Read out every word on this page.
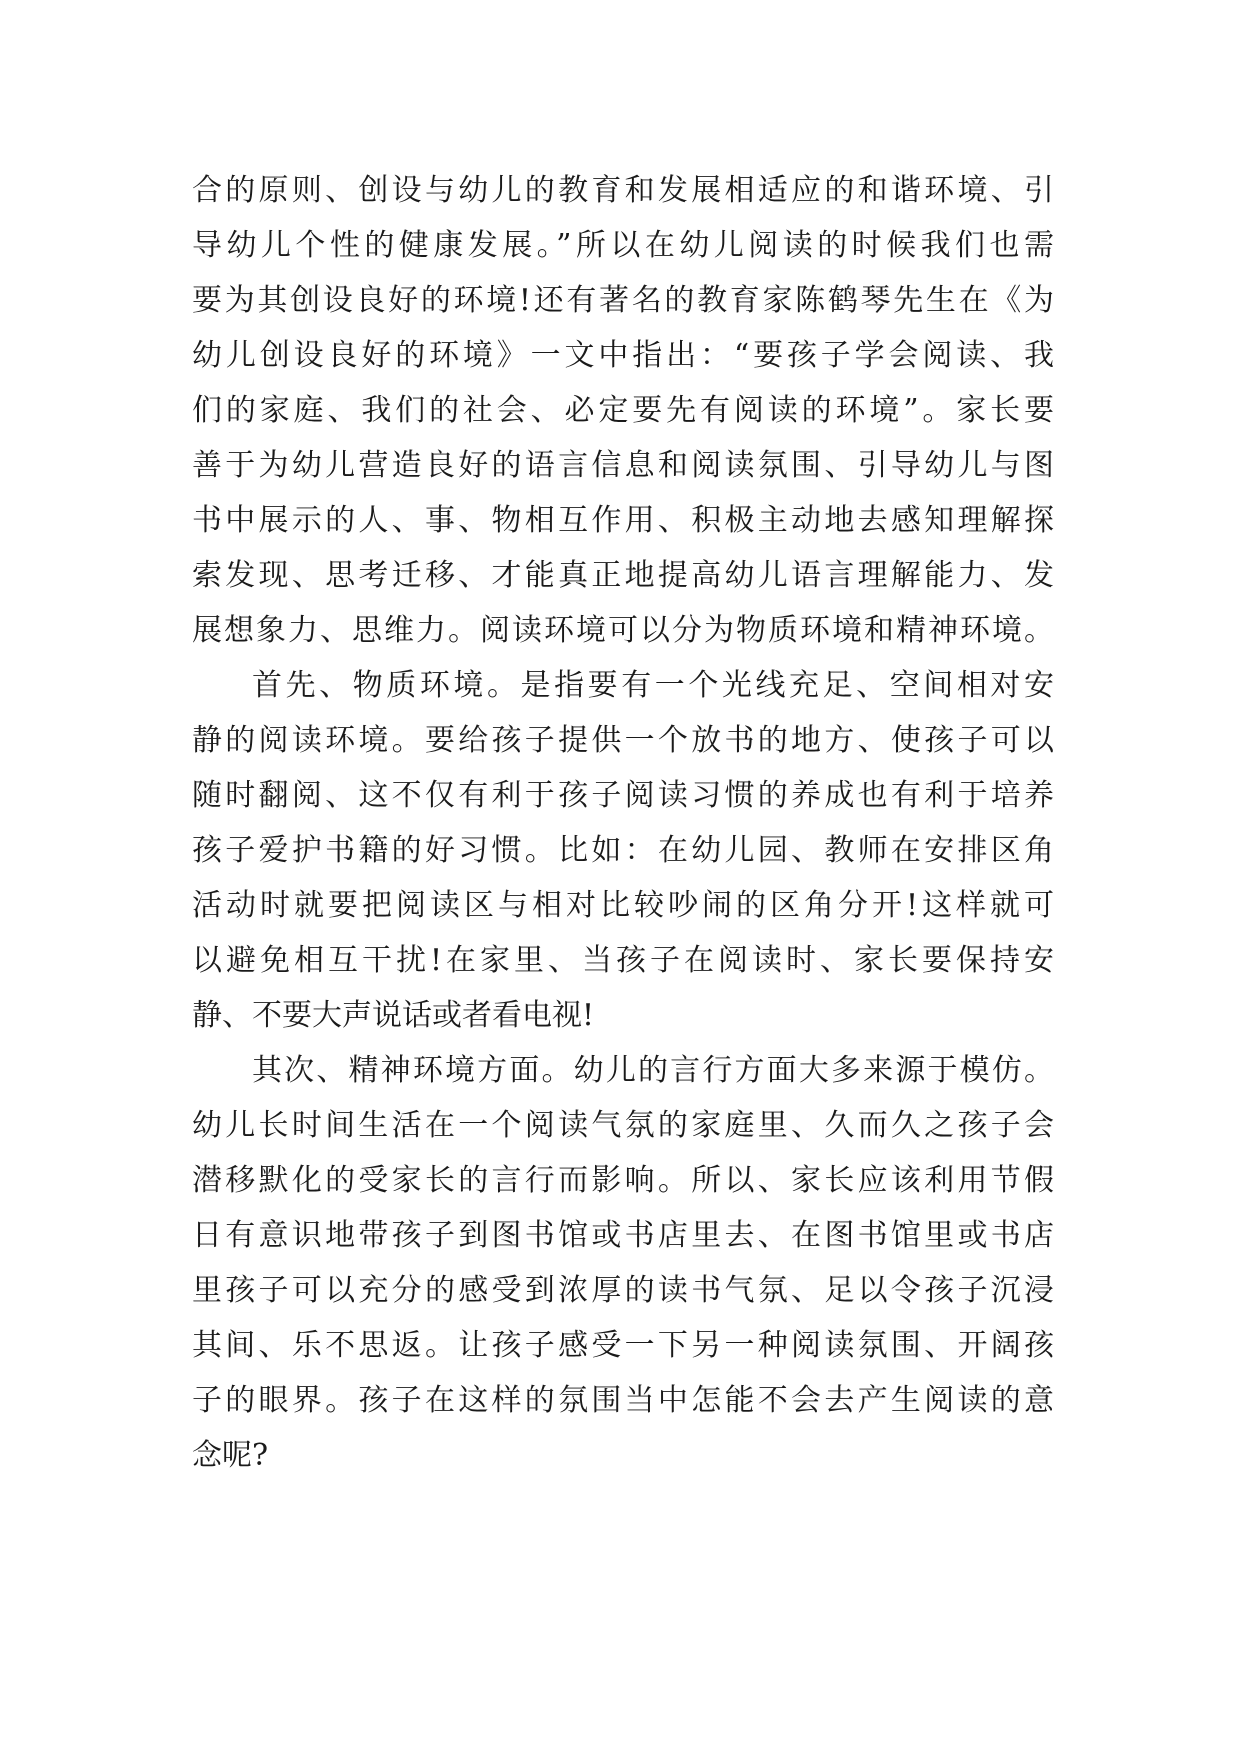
合的原则、创设与幼儿的教育和发展相适应的和谐环境、引
导幼儿个性的健康发展。”所以在幼儿阅读的时候我们也需
要为其创设良好的环境!还有著名的教育家陈鹤琴先生在《为
幼儿创设良好的环境》一文中指出：“要孩子学会阅读、我
们的家庭、我们的社会、必定要先有阅读的环境”。家长要
善于为幼儿营造良好的语言信息和阅读氛围、引导幼儿与图
书中展示的人、事、物相互作用、积极主动地去感知理解探
索发现、思考迁移、才能真正地提高幼儿语言理解能力、发
展想象力、思维力。阅读环境可以分为物质环境和精神环境。
首先、物质环境。是指要有一个光线充足、空间相对安
静的阅读环境。要给孩子提供一个放书的地方、使孩子可以
随时翻阅、这不仅有利于孩子阅读习惯的养成也有利于培养
孩子爱护书籍的好习惯。比如：在幼儿园、教师在安排区角
活动时就要把阅读区与相对比较吵闹的区角分开!这样就可
以避免相互干扰!在家里、当孩子在阅读时、家长要保持安
静、不要大声说话或者看电视!
其次、精神环境方面。幼儿的言行方面大多来源于模仿。
幼儿长时间生活在一个阅读气氛的家庭里、久而久之孩子会
潜移默化的受家长的言行而影响。所以、家长应该利用节假
日有意识地带孩子到图书馆或书店里去、在图书馆里或书店
里孩子可以充分的感受到浓厚的读书气氛、足以令孩子沉浸
其间、乐不思返。让孩子感受一下另一种阅读氛围、开阔孩
子的眼界。孩子在这样的氛围当中怎能不会去产生阅读的意
念呢?
